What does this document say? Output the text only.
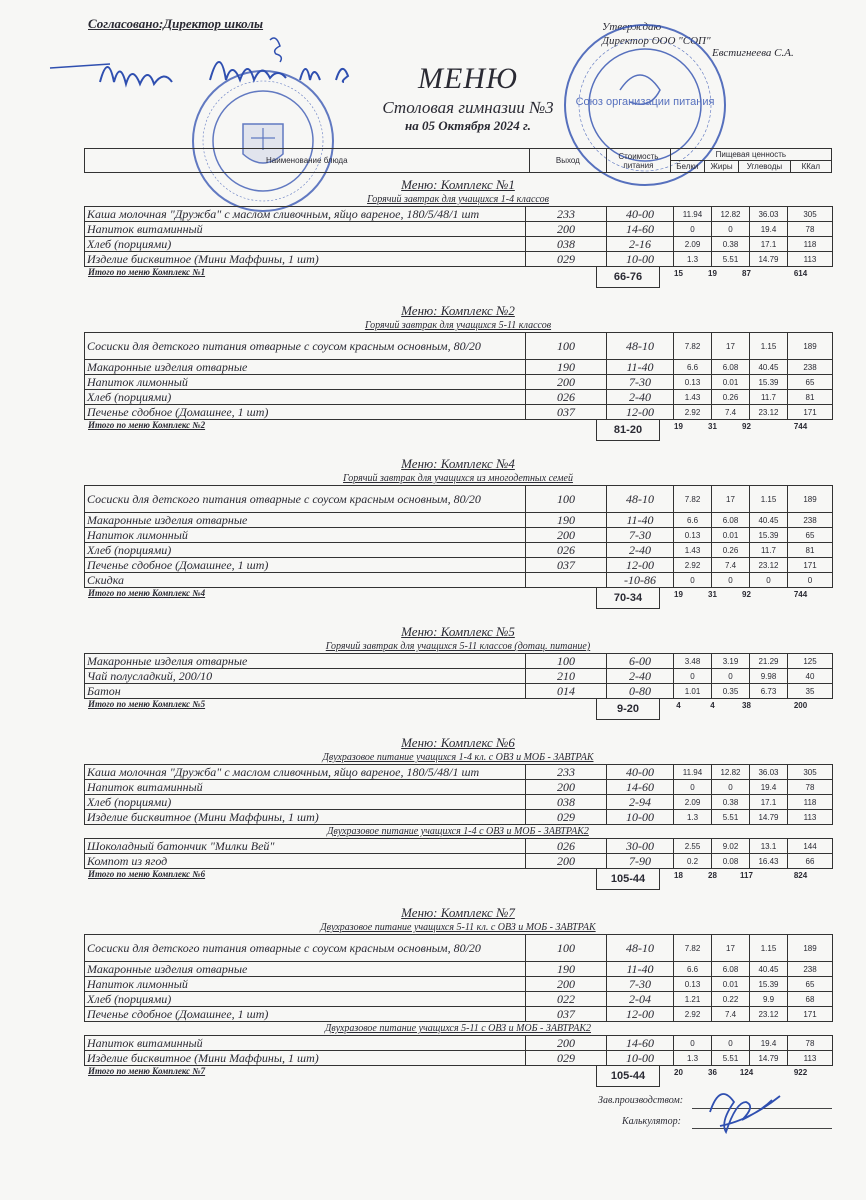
Согласовано:Директор школы	Утверждаю
Директор ООО "СОП"
Евстигнеева С.А.
Союз организации питания
МЕНЮ
Столовая гимназии №3
на 05 Октября 2024 г.
Наименование блюда	Выход	Стоимость питания	Пищевая ценность			
			Белки	Жиры	Углеводы	ККал
Меню: Комплекс №1
Горячий завтрак для учащихся 1-4 классов
Каша молочная "Дружба" с маслом сливочным, яйцо вареное, 180/5/48/1 шт	233	40-00	11.94	12.82	36.03	305
Напиток витаминный	200	14-60	0	0	19.4	78
Хлеб (порциями)	038	2-16	2.09	0.38	17.1	118
Изделие бисквитное (Мини Маффины, 1 шт)	029	10-00	1.3	5.51	14.79	113
Итого по меню Комплекс №1	66-76	15	19	87	614
Меню: Комплекс №2
Горячий завтрак для учащихся 5-11 классов
Сосиски для детского питания отварные с соусом красным основным, 80/20	100	48-10	7.82	17	1.15	189
Макаронные изделия отварные	190	11-40	6.6	6.08	40.45	238
Напиток лимонный	200	7-30	0.13	0.01	15.39	65
Хлеб (порциями)	026	2-40	1.43	0.26	11.7	81
Печенье сдобное (Домашнее, 1 шт)	037	12-00	2.92	7.4	23.12	171
Итого по меню Комплекс №2	81-20	19	31	92	744
Меню: Комплекс №4
Горячий завтрак для учащихся из многодетных семей
Сосиски для детского питания отварные с соусом красным основным, 80/20	100	48-10	7.82	17	1.15	189
Макаронные изделия отварные	190	11-40	6.6	6.08	40.45	238
Напиток лимонный	200	7-30	0.13	0.01	15.39	65
Хлеб (порциями)	026	2-40	1.43	0.26	11.7	81
Печенье сдобное (Домашнее, 1 шт)	037	12-00	2.92	7.4	23.12	171
Скидка		-10-86	0	0	0	0
Итого по меню Комплекс №4	70-34	19	31	92	744
Меню: Комплекс №5
Горячий завтрак для учащихся 5-11 классов (дотац. питание)
Макаронные изделия отварные	100	6-00	3.48	3.19	21.29	125
Чай полусладкий, 200/10	210	2-40	0	0	9.98	40
Батон	014	0-80	1.01	0.35	6.73	35
Итого по меню Комплекс №5	9-20	4	4	38	200
Меню: Комплекс №6
Двухразовое питание учащихся 1-4 кл. с ОВЗ и МОБ - ЗАВТРАК
Каша молочная "Дружба" с маслом сливочным, яйцо вареное, 180/5/48/1 шт	233	40-00	11.94	12.82	36.03	305
Напиток витаминный	200	14-60	0	0	19.4	78
Хлеб (порциями)	038	2-94	2.09	0.38	17.1	118
Изделие бисквитное (Мини Маффины, 1 шт)	029	10-00	1.3	5.51	14.79	113
Двухразовое питание учащихся 1-4 с ОВЗ и МОБ - ЗАВТРАК2
Шоколадный батончик "Милки Вей"	026	30-00	2.55	9.02	13.1	144
Компот из ягод	200	7-90	0.2	0.08	16.43	66
Итого по меню Комплекс №6	105-44	18	28	117	824
Меню: Комплекс №7
Двухразовое питание учащихся 5-11 кл. с ОВЗ и МОБ - ЗАВТРАК
Сосиски для детского питания отварные с соусом красным основным, 80/20	100	48-10	7.82	17	1.15	189
Макаронные изделия отварные	190	11-40	6.6	6.08	40.45	238
Напиток лимонный	200	7-30	0.13	0.01	15.39	65
Хлеб (порциями)	022	2-04	1.21	0.22	9.9	68
Печенье сдобное (Домашнее, 1 шт)	037	12-00	2.92	7.4	23.12	171
Двухразовое питание учащихся 5-11 с ОВЗ и МОБ - ЗАВТРАК2
Напиток витаминный	200	14-60	0	0	19.4	78
Изделие бисквитное (Мини Маффины, 1 шт)	029	10-00	1.3	5.51	14.79	113
Итого по меню Комплекс №7	105-44	20	36	124	922
Зав.производством:
Калькулятор:
